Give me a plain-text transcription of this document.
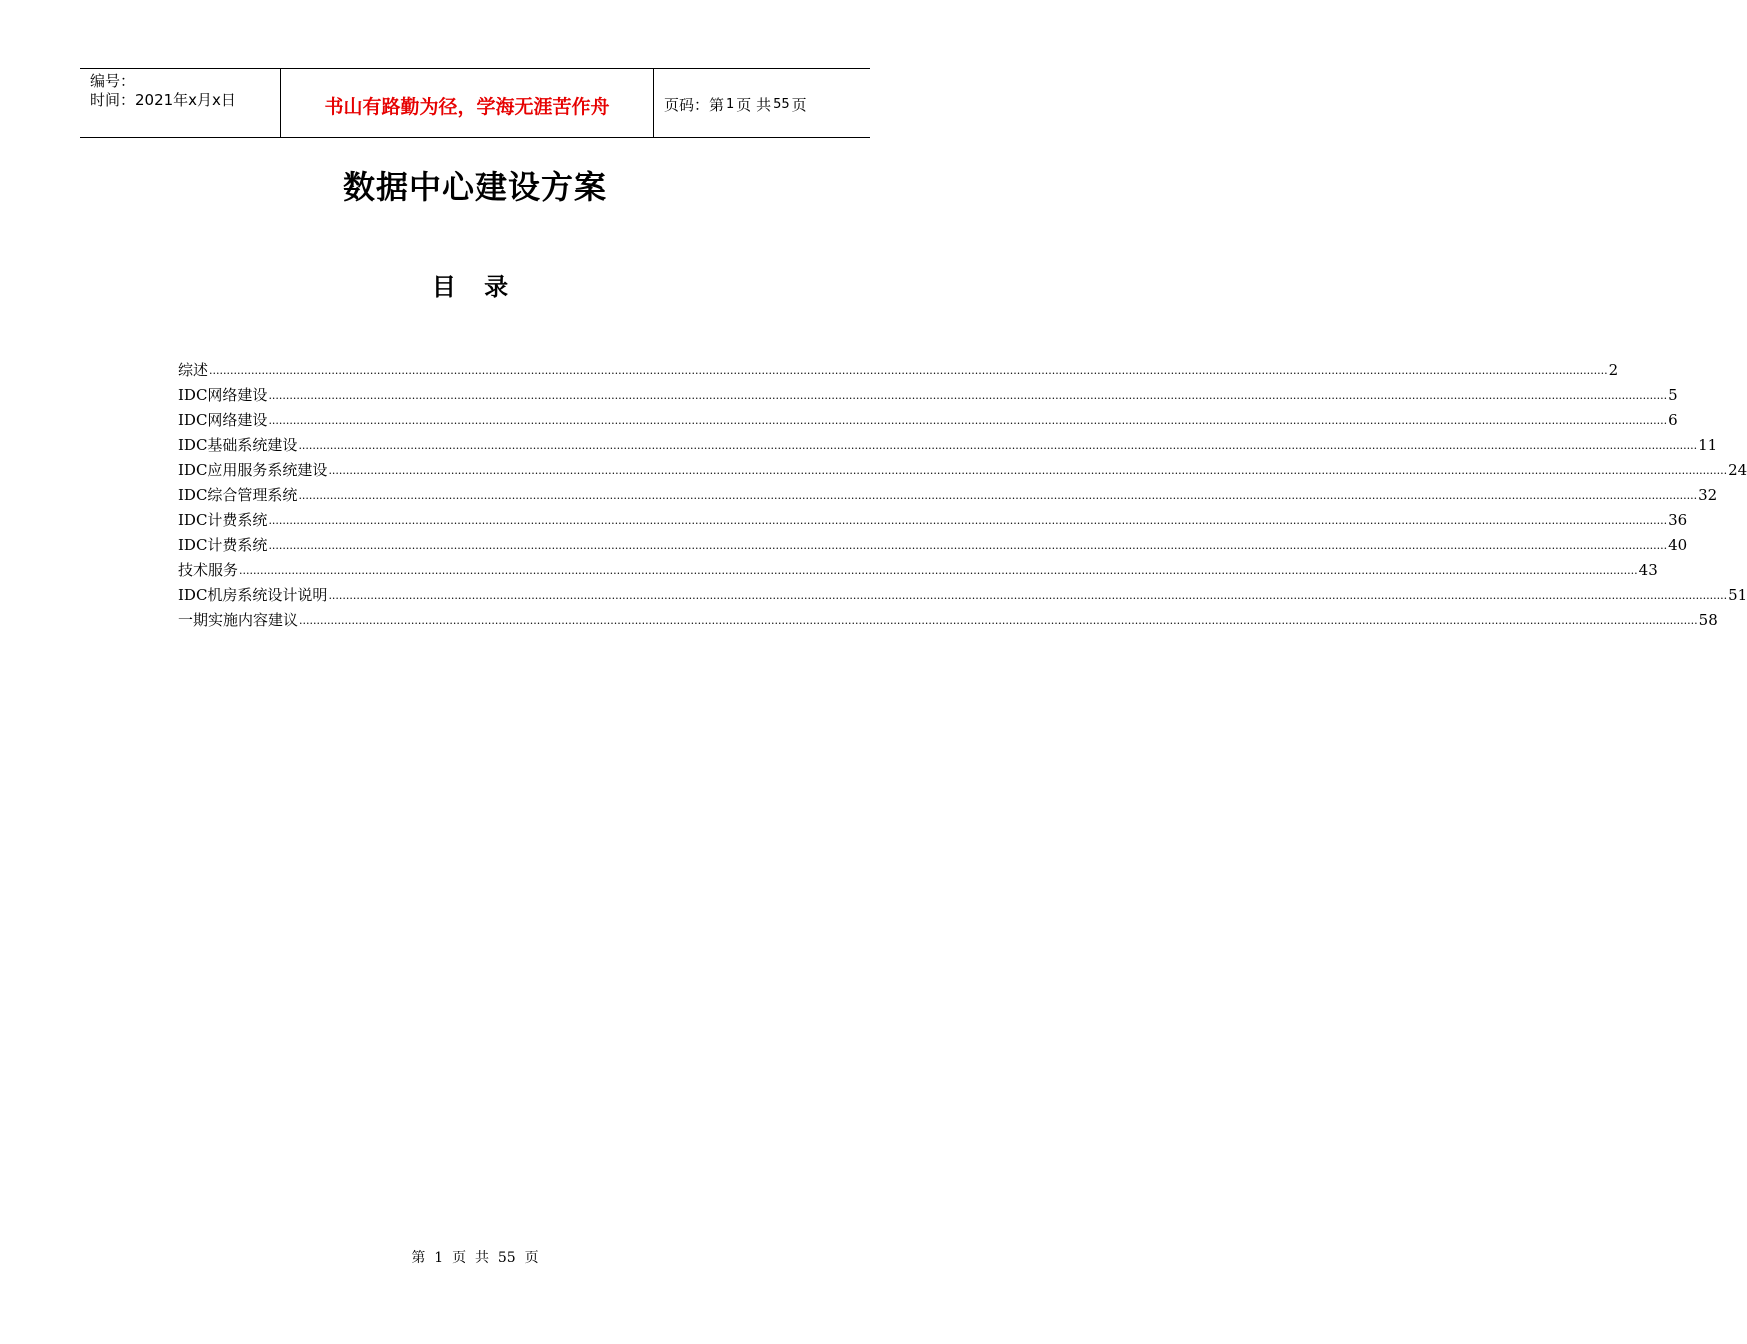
编号：
时间：2021年x月x日	书山有路勤为径，学海无涯苦作舟	页码：第 1 页 共 55 页
数据中心建设方案
目 录
综述 ................................................................................................................................................................................................................................................................................................................................................................................................................ 2
IDC网络建设 ................................................................................................................................................................................................................................................................................................................................................................................................................ 5
IDC网络建设 ................................................................................................................................................................................................................................................................................................................................................................................................................ 6
IDC基础系统建设 ................................................................................................................................................................................................................................................................................................................................................................................................................ 11
IDC应用服务系统建设 ................................................................................................................................................................................................................................................................................................................................................................................................................ 24
IDC综合管理系统 ................................................................................................................................................................................................................................................................................................................................................................................................................ 32
IDC计费系统 ................................................................................................................................................................................................................................................................................................................................................................................................................ 36
IDC计费系统 ................................................................................................................................................................................................................................................................................................................................................................................................................ 40
技术服务 ................................................................................................................................................................................................................................................................................................................................................................................................................ 43
IDC机房系统设计说明 ................................................................................................................................................................................................................................................................................................................................................................................................................ 51
一期实施内容建议 ................................................................................................................................................................................................................................................................................................................................................................................................................ 58
第  1  页  共  55  页
